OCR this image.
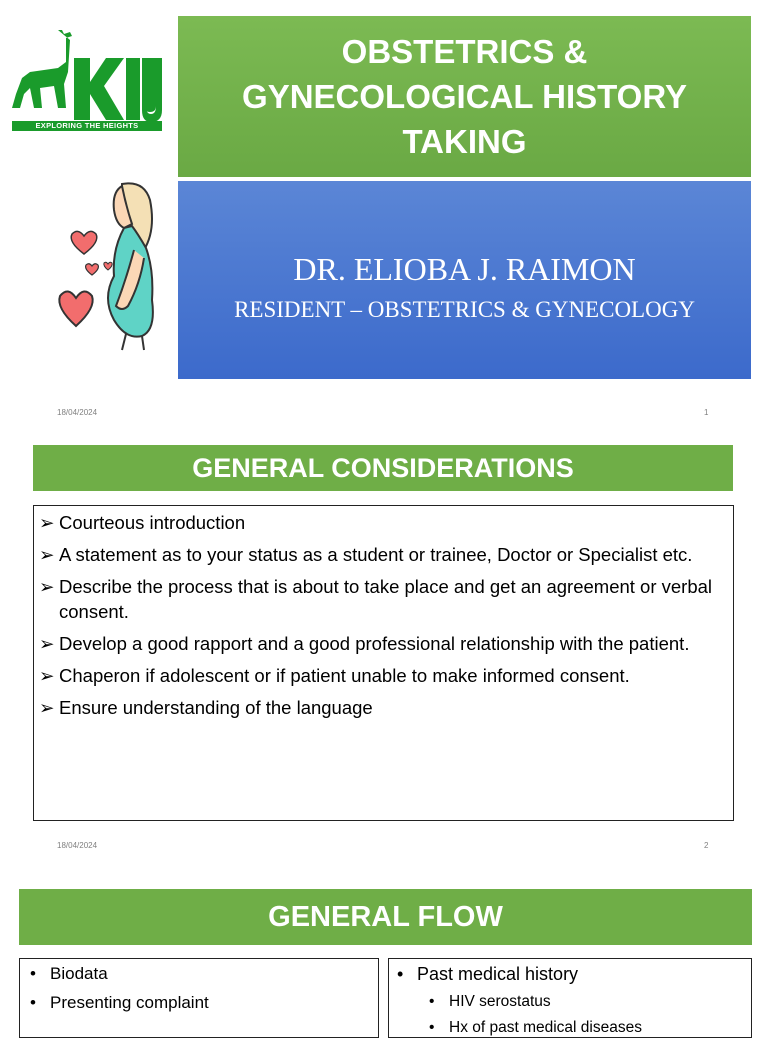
EXPLORING THE HEIGHTS
OBSTETRICS &
GYNECOLOGICAL HISTORY
TAKING
DR. ELIOBA J. RAIMON
RESIDENT – OBSTETRICS & GYNECOLOGY
18/04/2024	1
GENERAL CONSIDERATIONS
➢ Courteous introduction
➢ A statement as to your status as a student or trainee, Doctor or Specialist etc.
➢ Describe the process that is about to take place and get an agreement or verbal consent.
➢ Develop a good rapport and a good professional relationship with the patient.
➢ Chaperon if adolescent or if patient unable to make informed consent.
➢ Ensure understanding of the language
18/04/2024	2
GENERAL FLOW
• Biodata
• Presenting complaint
• Past medical history
• HIV serostatus
• Hx of past medical diseases
